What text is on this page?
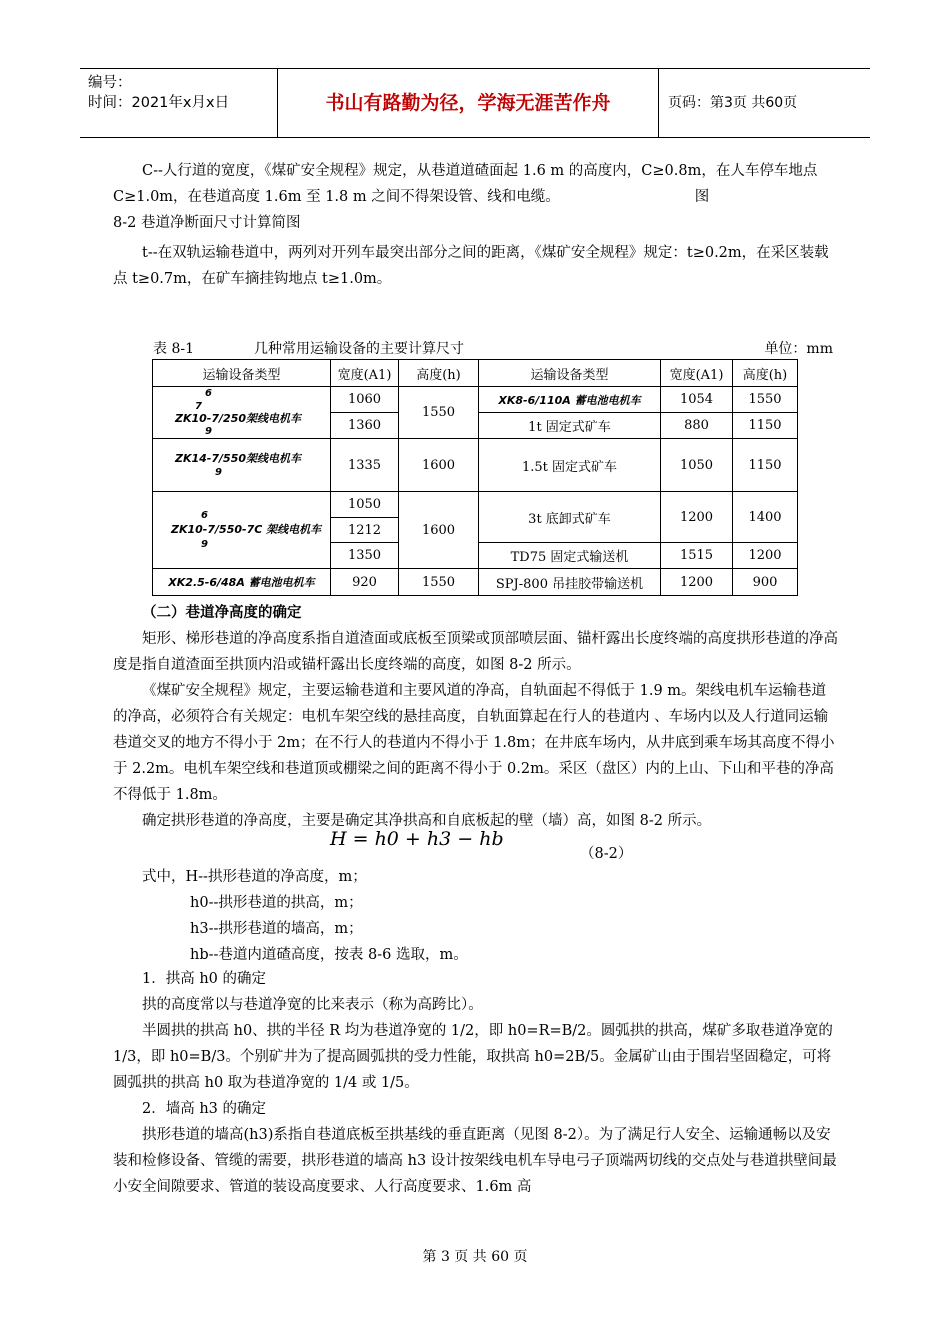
编号：
时间：2021年x月x日	书山有路勤为径，学海无涯苦作舟	页码：第3页 共60页
C--人行道的宽度，《煤矿安全规程》规定，从巷道道碴面起 1.6 m 的高度内，C≥0.8m，在人车停车地点 C≥1.0m，在巷道高度 1.6m 至 1.8 m 之间不得架设管、线和电缆。	图
8-2 巷道净断面尺寸计算简图
t--在双轨运输巷道中，两列对开列车最突出部分之间的距离，《煤矿安全规程》规定：t≥0.2m，在采区装载点 t≥0.7m，在矿车摘挂钩地点 t≥1.0m。
表 8-1	几种常用运输设备的主要计算尺寸	单位：mm
运输设备类型	宽度(A1)	高度(h)	运输设备类型	宽度(A1)	高度(h)

6
7
ZK10-7/250架线电机车
9	1060	1550	XK8-6/110A 蓄电池电机车	1054	1550
	1360		1t 固定式矿车	880	1150

ZK14-7/550架线电机车
9	1335	1600	1.5t 固定式矿车	1050	1150

6
ZK10-7/550-7C 架线电机车
9	1050	1600	3t 底卸式矿车	1200	1400
	1212				
	1350		TD75 固定式输送机	1515	1200
XK2.5-6/48A 蓄电池电机车	920	1550	SPJ-800 吊挂胶带输送机	1200	900
（二）巷道净高度的确定
矩形、梯形巷道的净高度系指自道渣面或底板至顶梁或顶部喷层面、锚杆露出长度终端的高度拱形巷道的净高度是指自道渣面至拱顶内沿或锚杆露出长度终端的高度，如图 8-2 所示。
《煤矿安全规程》规定，主要运输巷道和主要风道的净高，自轨面起不得低于 1.9 m。架线电机车运输巷道的净高，必须符合有关规定：电机车架空线的悬挂高度，自轨面算起在行人的巷道内 、车场内以及人行道同运输巷道交叉的地方不得小于 2m；在不行人的巷道内不得小于 1.8m；在井底车场内，从井底到乘车场其高度不得小于 2.2m。电机车架空线和巷道顶或棚梁之间的距离不得小于 0.2m。采区（盘区）内的上山、下山和平巷的净高不得低于 1.8m。
确定拱形巷道的净高度，主要是确定其净拱高和自底板起的壁（墙）高，如图 8-2 所示。
H = h0 + h3 − hb
（8-2）
式中，H--拱形巷道的净高度，m；
h0--拱形巷道的拱高，m；
h3--拱形巷道的墙高，m；
hb--巷道内道碴高度，按表 8-6 选取，m。
1．拱高 h0 的确定
拱的高度常以与巷道净宽的比来表示（称为高跨比）。
半圆拱的拱高 h0、拱的半径 R 均为巷道净宽的 1/2，即 h0=R=B/2。圆弧拱的拱高，煤矿多取巷道净宽的 1/3，即 h0=B/3。个别矿井为了提高圆弧拱的受力性能，取拱高 h0=2B/5。金属矿山由于围岩坚固稳定，可将圆弧拱的拱高 h0 取为巷道净宽的 1/4 或 1/5。
2．墙高 h3 的确定
拱形巷道的墙高(h3)系指自巷道底板至拱基线的垂直距离（见图 8-2）。为了满足行人安全、运输通畅以及安装和检修设备、管缆的需要，拱形巷道的墙高 h3 设计按架线电机车导电弓子顶端两切线的交点处与巷道拱壁间最小安全间隙要求、管道的装设高度要求、人行高度要求、1.6m 高
第 3 页 共 60 页
